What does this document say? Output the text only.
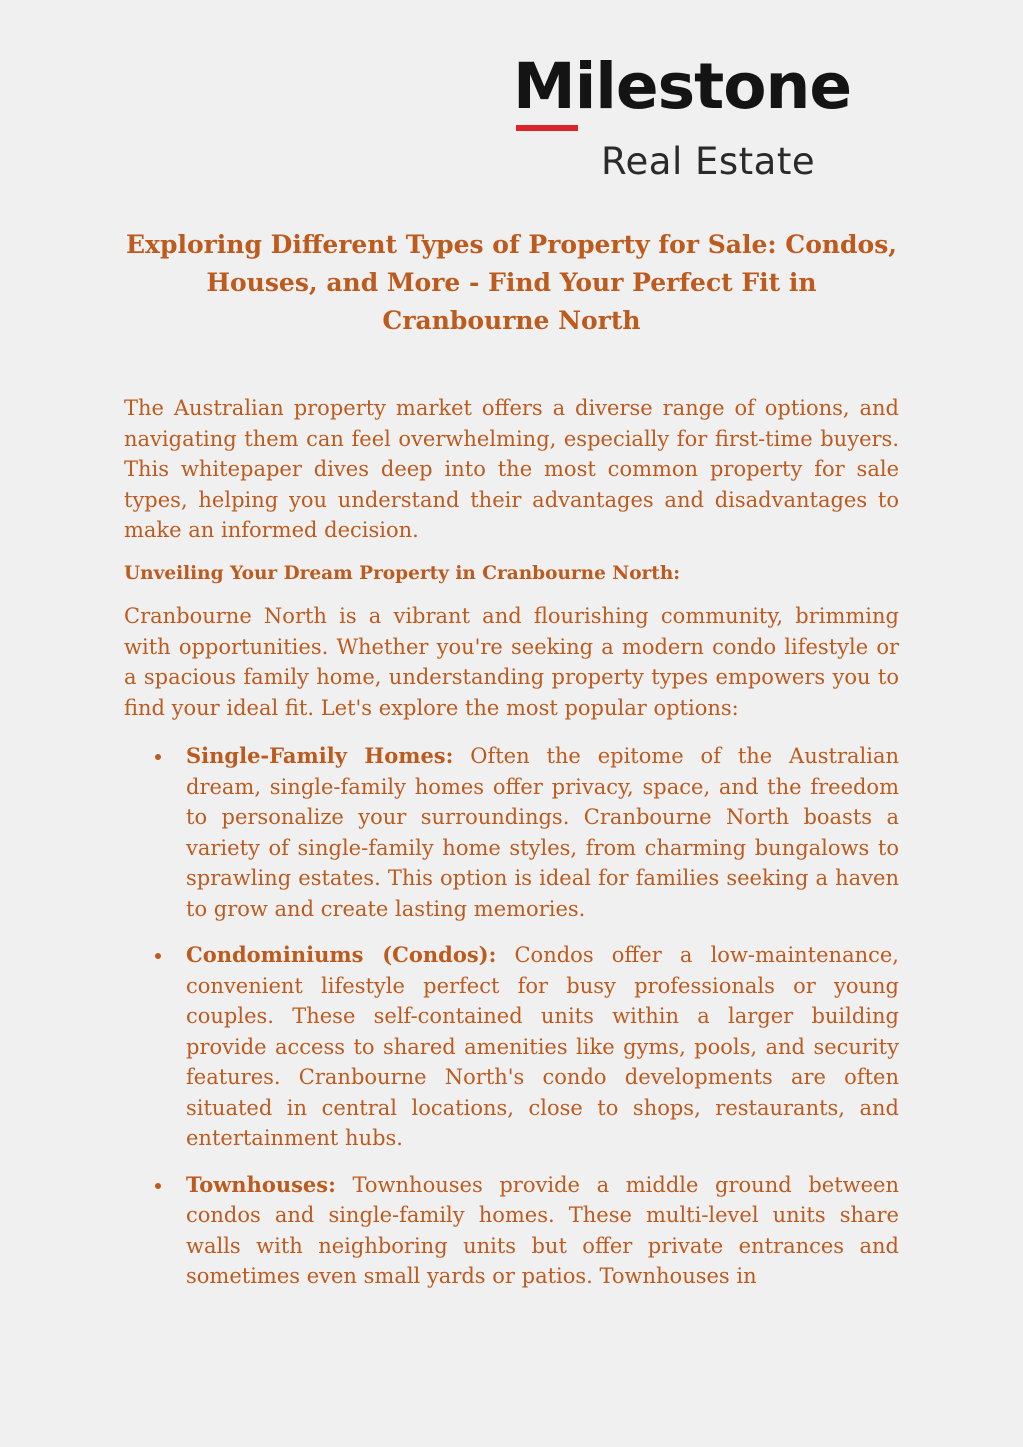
Milestone
Real Estate
Exploring Different Types of Property for Sale: Condos, Houses, and More - Find Your Perfect Fit in Cranbourne North

The Australian property market offers a diverse range of options, and navigating them can feel overwhelming, especially for first-time buyers. This whitepaper dives deep into the most common property for sale types, helping you understand their advantages and disadvantages to make an informed decision.

Unveiling Your Dream Property in Cranbourne North:

Cranbourne North is a vibrant and flourishing community, brimming with opportunities. Whether you're seeking a modern condo lifestyle or a spacious family home, understanding property types empowers you to find your ideal fit. Let's explore the most popular options:

Single-Family Homes: Often the epitome of the Australian dream, single-family homes offer privacy, space, and the freedom to personalize your surroundings. Cranbourne North boasts a variety of single-family home styles, from charming bungalows to sprawling estates. This option is ideal for families seeking a haven to grow and create lasting memories.
Condominiums (Condos): Condos offer a low-maintenance, convenient lifestyle perfect for busy professionals or young couples. These self-contained units within a larger building provide access to shared amenities like gyms, pools, and security features. Cranbourne North's condo developments are often situated in central locations, close to shops, restaurants, and entertainment hubs.
Townhouses: Townhouses provide a middle ground between condos and single-family homes. These multi-level units share walls with neighboring units but offer private entrances and sometimes even small yards or patios. Townhouses in
